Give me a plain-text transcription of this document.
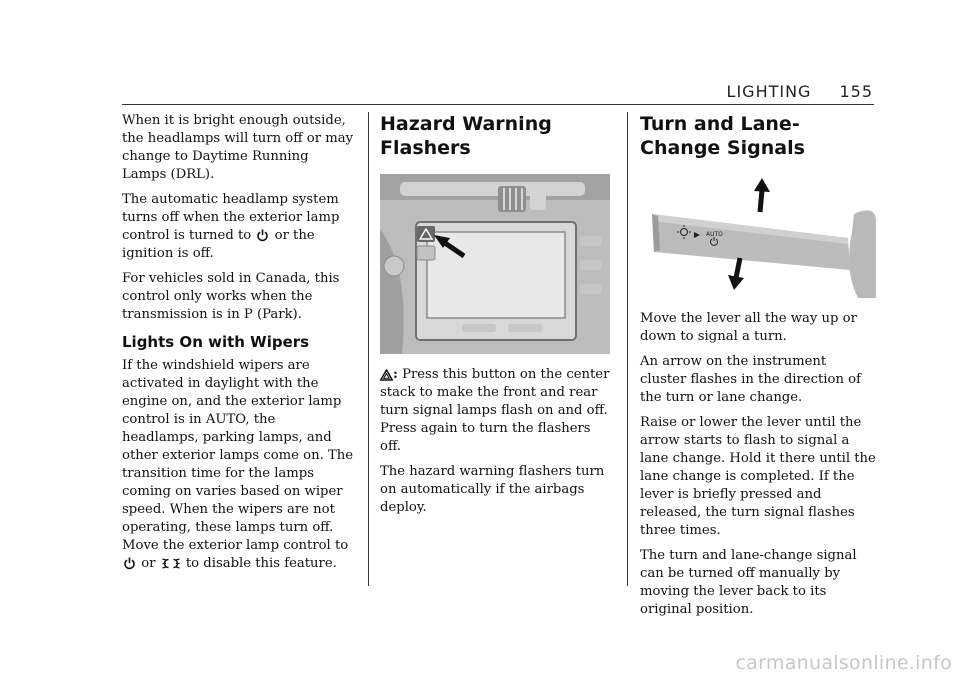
LIGHTING 155

When it is bright enough outside, the headlamps will turn off or may change to Daytime Running Lamps (DRL).

The automatic headlamp system turns off when the exterior lamp control is turned to or the ignition is off.

For vehicles sold in Canada, this control only works when the transmission is in P (Park).

Lights On with Wipers

If the windshield wipers are activated in daylight with the engine on, and the exterior lamp control is in AUTO, the headlamps, parking lamps, and other exterior lamps come on. The transition time for the lamps coming on varies based on wiper speed. When the wipers are not operating, these lamps turn off. Move the exterior lamp control to  or to disable this feature.

Hazard Warning Flashers

: Press this button on the center stack to make the front and rear turn signal lamps flash on and off. Press again to turn the flashers off.

The hazard warning flashers turn on automatically if the airbags deploy.

Turn and Lane-Change Signals
AUTO

Move the lever all the way up or down to signal a turn.

An arrow on the instrument cluster flashes in the direction of the turn or lane change.

Raise or lower the lever until the arrow starts to flash to signal a lane change. Hold it there until the lane change is completed. If the lever is briefly pressed and released, the turn signal flashes three times.

The turn and lane-change signal can be turned off manually by moving the lever back to its original position.

carmanualsonline.info
